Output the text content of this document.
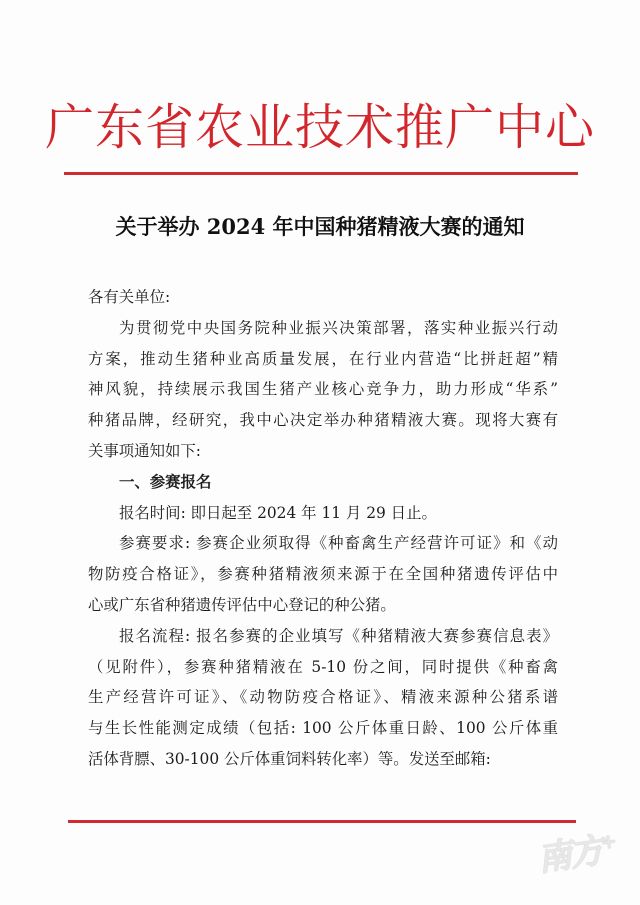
广东省农业技术推广中心
关于举办 2024 年中国种猪精液大赛的通知
各有关单位:
为贯彻党中央国务院种业振兴决策部署，落实种业振兴行动
方案，推动生猪种业高质量发展，在行业内营造“比拼赶超”精
神风貌，持续展示我国生猪产业核心竞争力，助力形成“华系”
种猪品牌，经研究，我中心决定举办种猪精液大赛。现将大赛有
关事项通知如下:
一、参赛报名
报名时间: 即日起至 2024 年 11 月 29 日止。
参赛要求: 参赛企业须取得《种畜禽生产经营许可证》和《动
物防疫合格证》，参赛种猪精液须来源于在全国种猪遗传评估中
心或广东省种猪遗传评估中心登记的种公猪。
报名流程: 报名参赛的企业填写《种猪精液大赛参赛信息表》
（见附件），参赛种猪精液在 5-10 份之间，同时提供《种畜禽
生产经营许可证》、《动物防疫合格证》、精液来源种公猪系谱
与生长性能测定成绩（包括: 100 公斤体重日龄、100 公斤体重
活体背膘、30-100 公斤体重饲料转化率）等。发送至邮箱:
南方+
